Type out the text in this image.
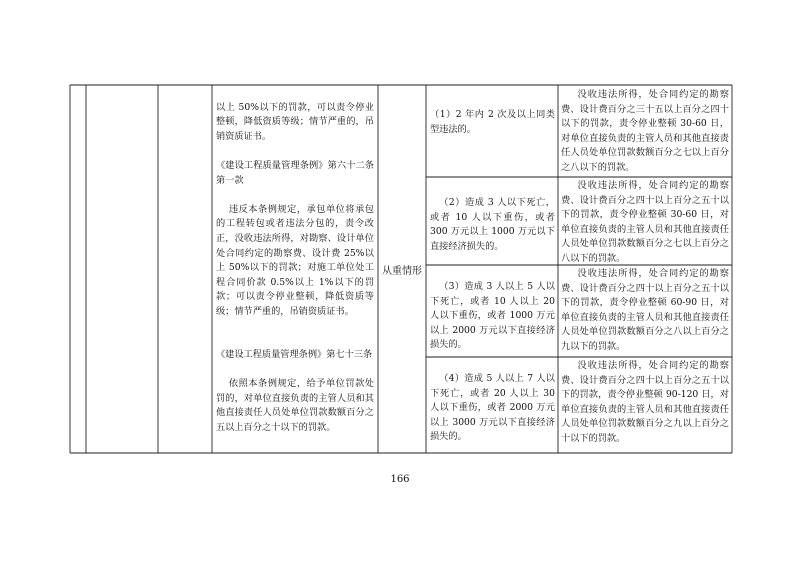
以上 50%以下的罚款，可以责令停业整顿，降低资质等级；情节严重的，吊销资质证书。

《建设工程质量管理条例》第六十二条第一款

违反本条例规定，承包单位将承包的工程转包或者违法分包的，责令改正，没收违法所得，对勘察、设计单位处合同约定的勘察费、设计费 25%以上 50%以下的罚款；对施工单位处工程合同价款 0.5%以上 1%以下的罚款；可以责令停业整顿，降低资质等级；情节严重的，吊销资质证书。

《建设工程质量管理条例》第七十三条

依照本条例规定，给予单位罚款处罚的，对单位直接负责的主管人员和其他直接责任人员处单位罚款数额百分之五以上百分之十以下的罚款。

从重情形
（1）2 年内 2 次及以上同类型违法的。
没收违法所得，处合同约定的勘察费、设计费百分之三十五以上百分之四十以下的罚款，责令停业整顿 30-60 日，对单位直接负责的主管人员和其他直接责任人员处单位罚款数额百分之七以上百分之八以下的罚款。
（2）造成 3 人以下死亡，或者 10 人以下重伤，或者 300 万元以上 1000 万元以下直接经济损失的。
没收违法所得，处合同约定的勘察费、设计费百分之四十以上百分之五十以下的罚款，责令停业整顿 30-60 日，对单位直接负责的主管人员和其他直接责任人员处单位罚款数额百分之七以上百分之八以下的罚款。
（3）造成 3 人以上 5 人以下死亡，或者 10 人以上 20 人以下重伤，或者 1000 万元以上 2000 万元以下直接经济损失的。
没收违法所得，处合同约定的勘察费、设计费百分之四十以上百分之五十以下的罚款，责令停业整顿 60-90 日，对单位直接负责的主管人员和其他直接责任人员处单位罚款数额百分之八以上百分之九以下的罚款。
（4）造成 5 人以上 7 人以下死亡，或者 20 人以上 30 人以下重伤，或者 2000 万元以上 3000 万元以下直接经济损失的。
没收违法所得，处合同约定的勘察费、设计费百分之四十以上百分之五十以下的罚款，责令停业整顿 90-120 日，对单位直接负责的主管人员和其他直接责任人员处单位罚款数额百分之九以上百分之十以下的罚款。
166
